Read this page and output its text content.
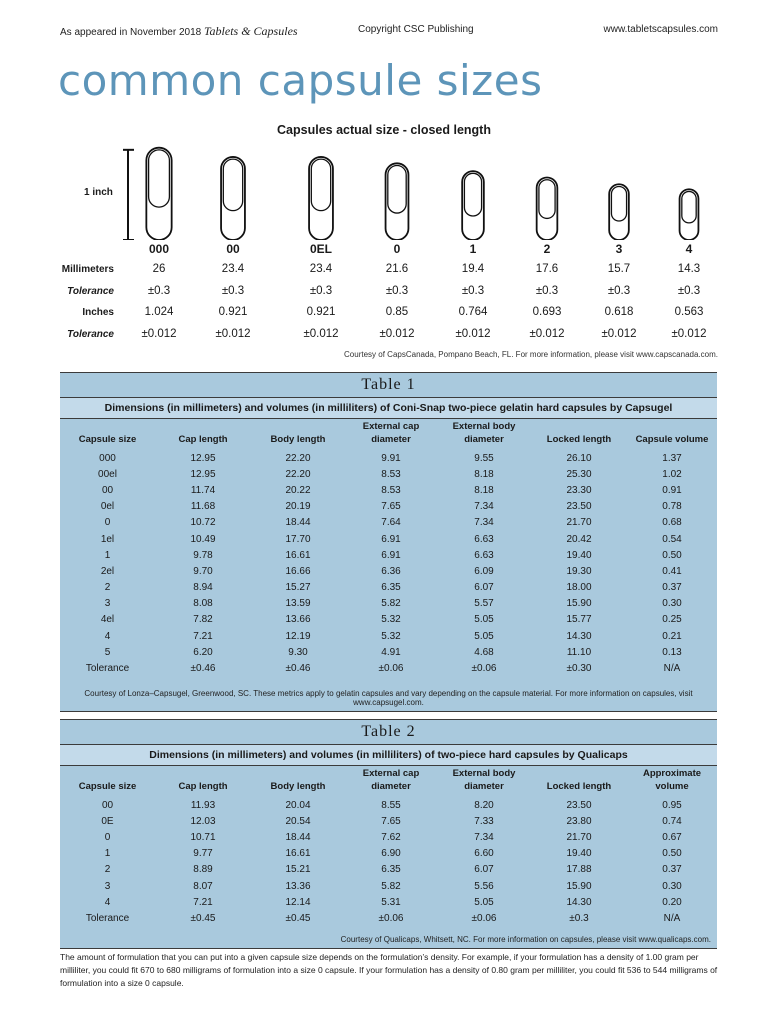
As appeared in November 2018 Tablets & Capsules	Copyright CSC Publishing	www.tabletscapsules.com
common capsule sizes
Capsules actual size - closed length
1 inch
000	00	0EL	0	1	2	3	4
Millimeters	26	23.4	23.4	21.6	19.4	17.6	15.7	14.3
Tolerance	±0.3	±0.3	±0.3	±0.3	±0.3	±0.3	±0.3	±0.3
Inches	1.024	0.921	0.921	0.85	0.764	0.693	0.618	0.563
Tolerance	±0.012	±0.012	±0.012	±0.012	±0.012	±0.012	±0.012	±0.012
Courtesy of CapsCanada, Pompano Beach, FL. For more information, please visit www.capscanada.com.
Table 1
Dimensions (in millimeters) and volumes (in milliliters) of Coni-Snap two-piece gelatin hard capsules by Capsugel
Capsule size	Cap length	Body length	External cap
diameter	External body
diameter	Locked length	Capsule volume
000	12.95	22.20	9.91	9.55	26.10	1.37
00el	12.95	22.20	8.53	8.18	25.30	1.02
00	11.74	20.22	8.53	8.18	23.30	0.91
0el	11.68	20.19	7.65	7.34	23.50	0.78
0	10.72	18.44	7.64	7.34	21.70	0.68
1el	10.49	17.70	6.91	6.63	20.42	0.54
1	9.78	16.61	6.91	6.63	19.40	0.50
2el	9.70	16.66	6.36	6.09	19.30	0.41
2	8.94	15.27	6.35	6.07	18.00	0.37
3	8.08	13.59	5.82	5.57	15.90	0.30
4el	7.82	13.66	5.32	5.05	15.77	0.25
4	7.21	12.19	5.32	5.05	14.30	0.21
5	6.20	9.30	4.91	4.68	11.10	0.13
Tolerance	±0.46	±0.46	±0.06	±0.06	±0.30	N/A
Courtesy of Lonza–Capsugel, Greenwood, SC. These metrics apply to gelatin capsules and vary depending on the capsule material. For more information on capsules, visit www.capsugel.com.
Table 2
Dimensions (in millimeters) and volumes (in milliliters) of two-piece hard capsules by Qualicaps
Capsule size	Cap length	Body length	External cap
diameter	External body
diameter	Locked length	Approximate
volume
00	11.93	20.04	8.55	8.20	23.50	0.95
0E	12.03	20.54	7.65	7.33	23.80	0.74
0	10.71	18.44	7.62	7.34	21.70	0.67
1	9.77	16.61	6.90	6.60	19.40	0.50
2	8.89	15.21	6.35	6.07	17.88	0.37
3	8.07	13.36	5.82	5.56	15.90	0.30
4	7.21	12.14	5.31	5.05	14.30	0.20
Tolerance	±0.45	±0.45	±0.06	±0.06	±0.3	N/A
Courtesy of Qualicaps, Whitsett, NC. For more information on capsules, please visit www.qualicaps.com.

The amount of formulation that you can put into a given capsule size depends on the formulation’s density. For example, if your formulation has a density of 1.00 gram per milliliter, you could fit 670 to 680 milligrams of formulation into a size 0 capsule. If your formulation has a density of 0.80 gram per milliliter, you could fit 536 to 544 milligrams of formulation into a size 0 capsule.
